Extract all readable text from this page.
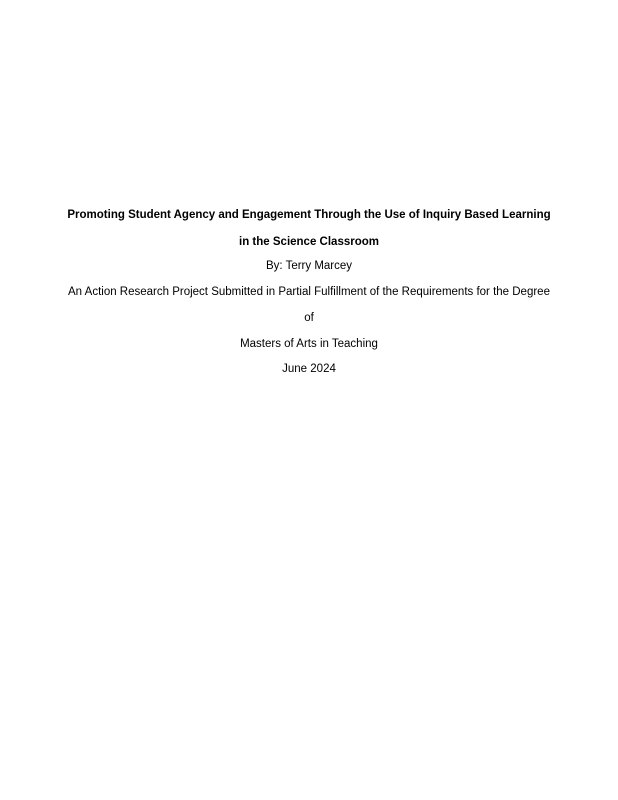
Promoting Student Agency and Engagement Through the Use of Inquiry Based Learning
in the Science Classroom
By: Terry Marcey
An Action Research Project Submitted in Partial Fulfillment of the Requirements for the Degree
of
Masters of Arts in Teaching
June 2024
